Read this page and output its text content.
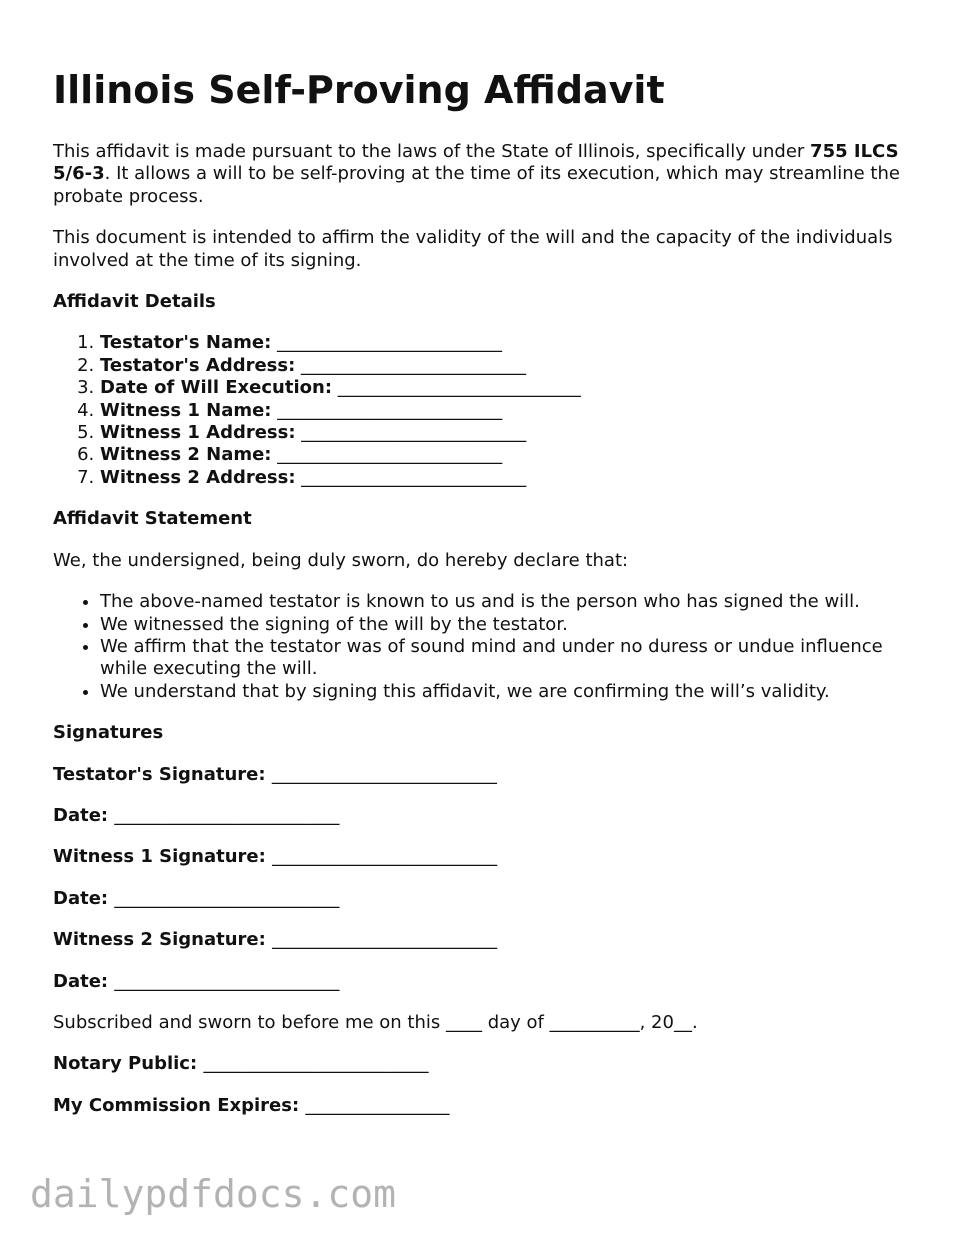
Illinois Self-Proving Affidavit

This affidavit is made pursuant to the laws of the State of Illinois, specifically under 755 ILCS 5/6-3. It allows a will to be self-proving at the time of its execution, which may streamline the probate process.

This document is intended to affirm the validity of the will and the capacity of the individuals involved at the time of its signing.

Affidavit Details
1. Testator's Name: _________________________
2. Testator's Address: _________________________
3. Date of Will Execution: ___________________________
4. Witness 1 Name: _________________________
5. Witness 1 Address: _________________________
6. Witness 2 Name: _________________________
7. Witness 2 Address: _________________________
Affidavit Statement

We, the undersigned, being duly sworn, do hereby declare that:

• The above-named testator is known to us and is the person who has signed the will.
• We witnessed the signing of the will by the testator.
• We affirm that the testator was of sound mind and under no duress or undue influence while executing the will.
• We understand that by signing this affidavit, we are confirming the will’s validity.
Signatures
Testator's Signature: _________________________
Date: _________________________
Witness 1 Signature: _________________________
Date: _________________________
Witness 2 Signature: _________________________
Date: _________________________

Subscribed and sworn to before me on this ____ day of __________, 20__.

Notary Public: _________________________
My Commission Expires: ________________
dailypdfdocs.com
